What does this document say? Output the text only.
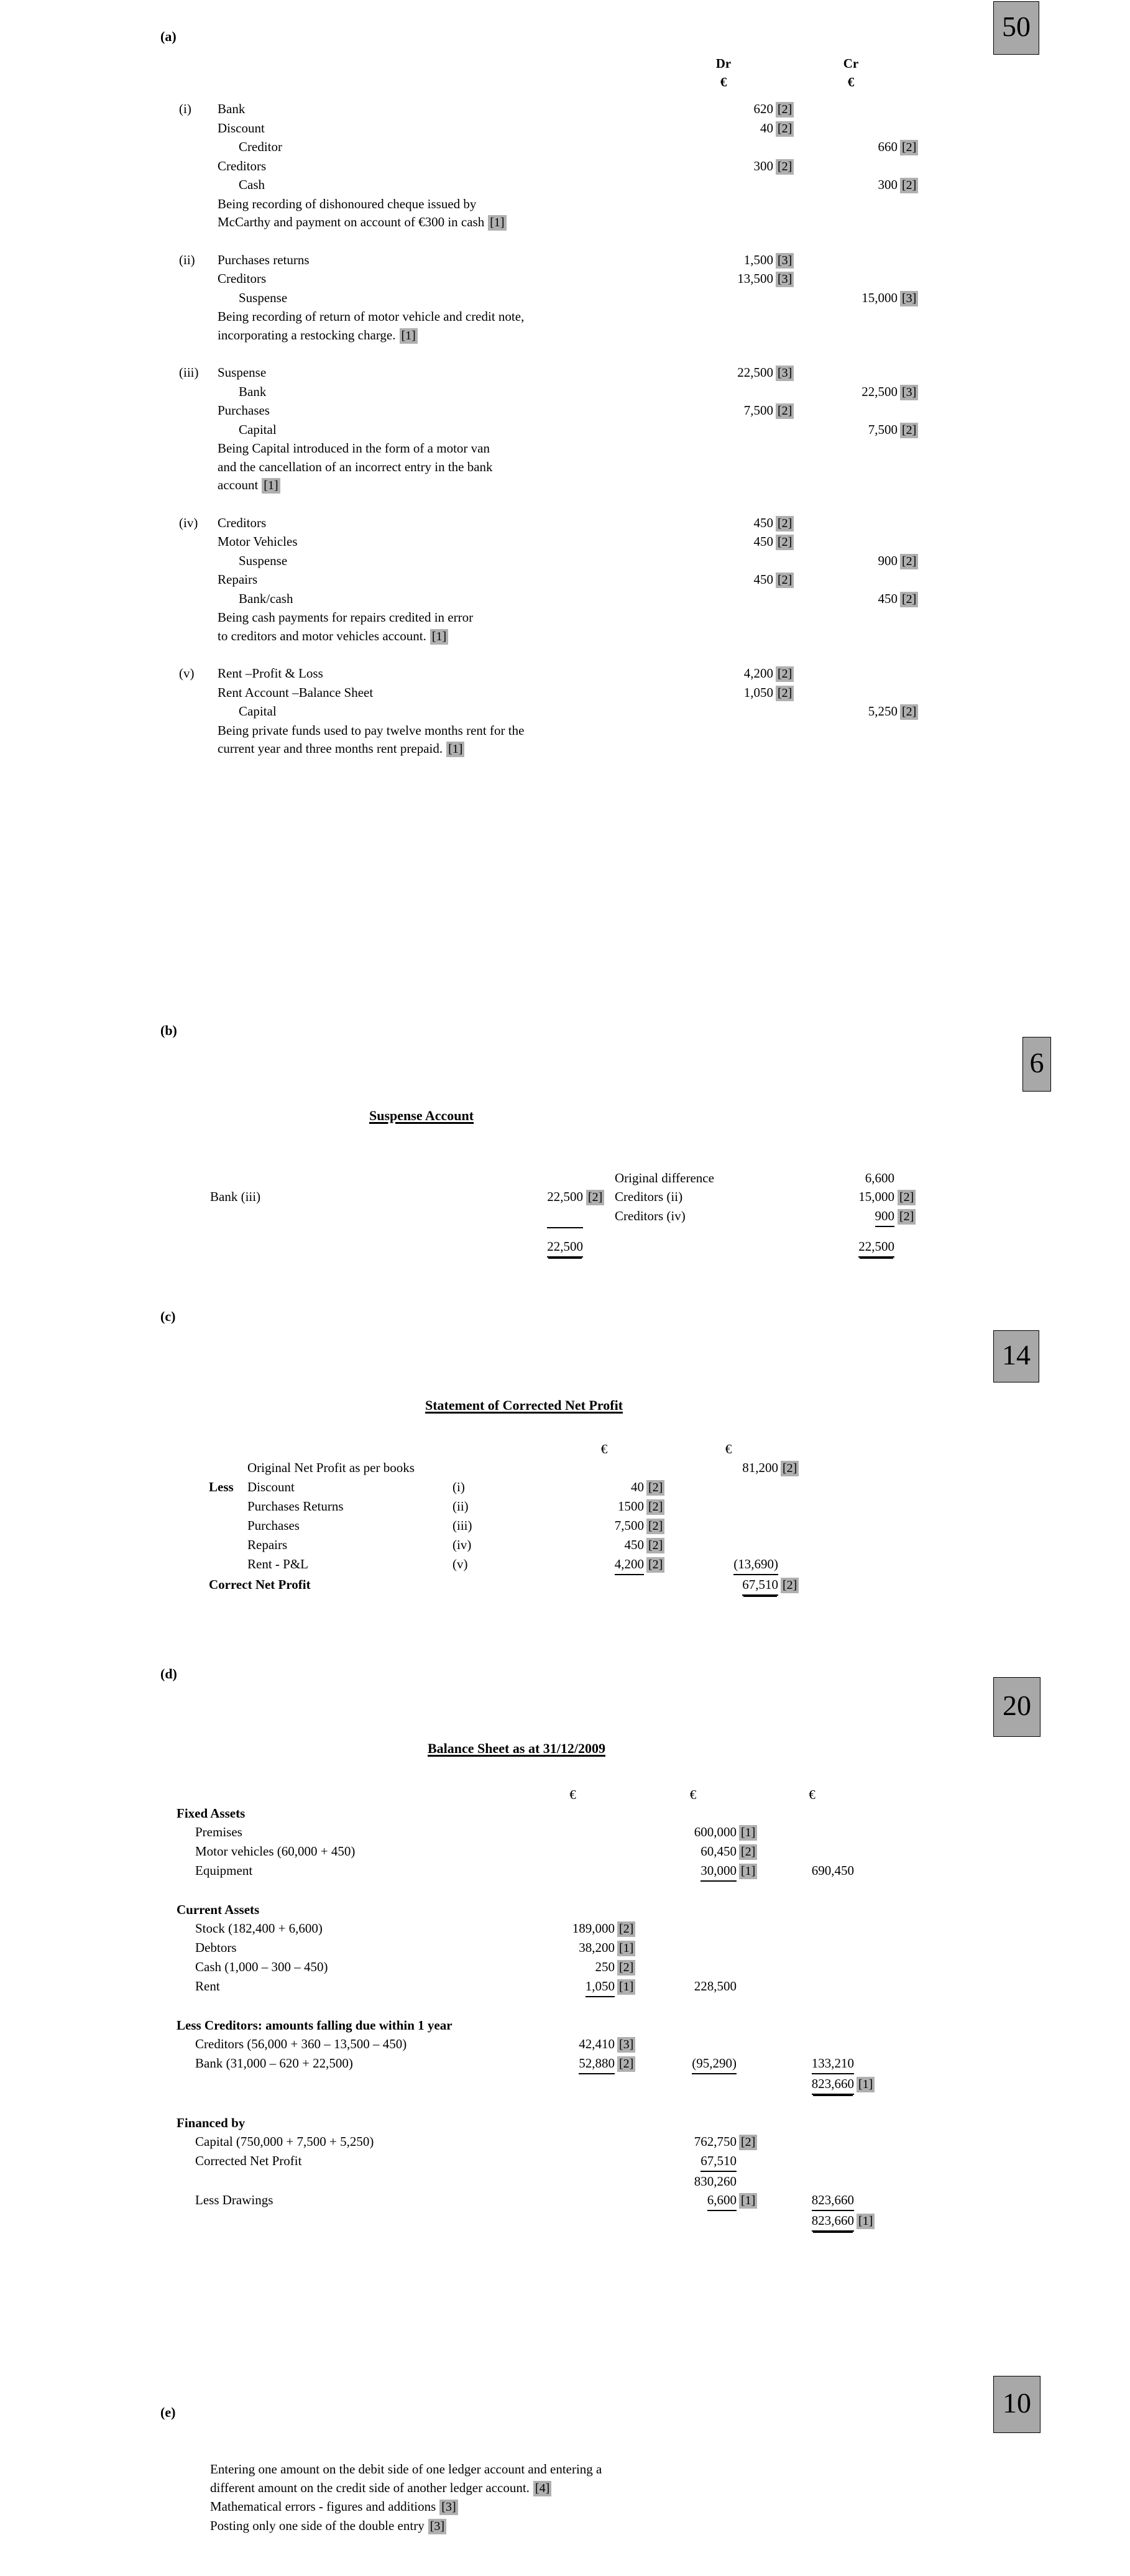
(a)	50
		Dr		Cr	
		€		€	

(i)	Bank	620	[2]		
	Discount	40	[2]		
	Creditor			660	[2]
	Creditors	300	[2]		
	Cash			300	[2]
	Being recording of dishonoured cheque issued by				
	McCarthy and payment on account of €300 in cash [1]				

(ii)	Purchases returns	1,500	[3]		
	Creditors	13,500	[3]		
	Suspense			15,000	[3]
	Being recording of return of motor vehicle and credit note,				
	incorporating a restocking charge. [1]				

(iii)	Suspense	22,500	[3]		
	Bank			22,500	[3]
	Purchases	7,500	[2]		
	Capital			7,500	[2]
	Being Capital introduced in the form of a motor van				
	and the cancellation of an incorrect entry in the bank				
	account [1]				

(iv)	Creditors	450	[2]		
	Motor Vehicles	450	[2]		
	Suspense			900	[2]
	Repairs	450	[2]		
	Bank/cash			450	[2]
	Being cash payments for repairs credited in error				
	to creditors and motor vehicles account. [1]				

(v)	Rent –Profit & Loss	4,200	[2]		
	Rent Account –Balance Sheet	1,050	[2]		
	Capital			5,250	[2]
	Being private funds used to pay twelve months rent for the				
	current year and three months rent prepaid. [1]				
(b)
6
Suspense Account
			Original difference	6,600	
Bank (iii)	22,500	[2]	Creditors (ii)	15,000	[2]
			Creditors (iv)	900	[2]

	22,500			22,500	
(c)
14
Statement of Corrected Net Profit
			€		€	
	Original Net Profit as per books				81,200	[2]
Less	Discount	(i)	40	[2]		
	Purchases Returns	(ii)	1500	[2]		
	Purchases	(iii)	7,500	[2]		
	Repairs	(iv)	450	[2]		
	Rent - P&L	(v)	4,200	[2]	(13,690)	
Correct Net Profit					67,510	[2]
(d)
20
Balance Sheet as at 31/12/2009
	€		€		€	
Fixed Assets						
Premises			600,000	[1]		
Motor vehicles (60,000 + 450)			60,450	[2]		
Equipment			30,000	[1]	690,450	

Current Assets						
Stock (182,400 + 6,600)	189,000	[2]				
Debtors	38,200	[1]				
Cash (1,000 – 300 – 450)	250	[2]				
Rent	1,050	[1]	228,500			

Less Creditors: amounts falling due within 1 year						
Creditors (56,000 + 360 – 13,500 – 450)	42,410	[3]				
Bank (31,000 – 620 + 22,500)	52,880	[2]	(95,290)		133,210	
					823,660	[1]

Financed by						
Capital (750,000 + 7,500 + 5,250)			762,750	[2]		
Corrected Net Profit			67,510			
			830,260			
Less Drawings			6,600	[1]	823,660	
					823,660	[1]
(e)	10
Entering one amount on the debit side of one ledger account and entering a
different amount on the credit side of another ledger account. [4]
Mathematical errors - figures and additions [3]
Posting only one side of the double entry [3]
